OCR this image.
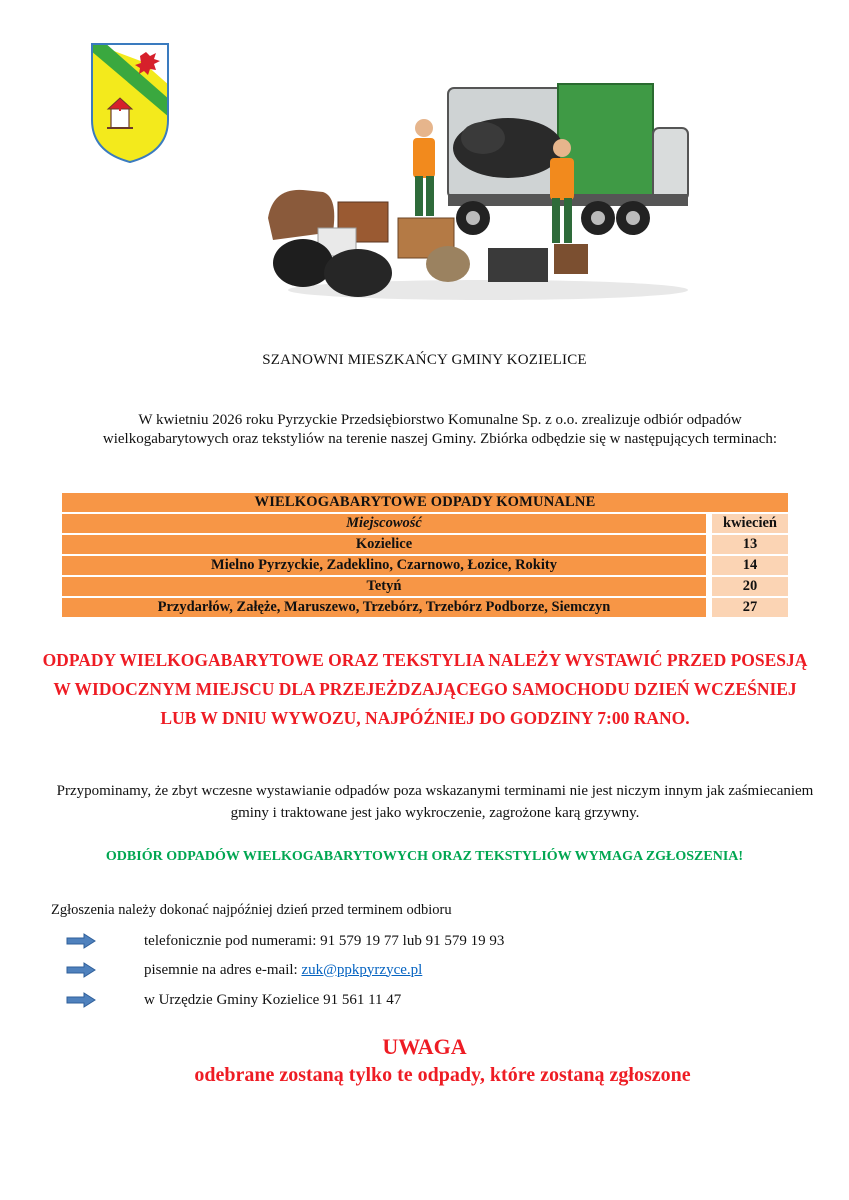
SZANOWNI MIESZKAŃCY GMINY KOZIELICE
W kwietniu 2026 roku Pyrzyckie Przedsiębiorstwo Komunalne Sp. z o.o. zrealizuje odbiór odpadów wielkogabarytowych oraz tekstyliów na terenie naszej Gminy. Zbiórka odbędzie się w następujących terminach:
WIELKOGABARYTOWE ODPADY KOMUNALNE		
Miejscowość		kwiecień
Kozielice		13
Mielno Pyrzyckie, Zadeklino, Czarnowo, Łozice, Rokity		14
Tetyń		20
Przydarłów, Załęże, Maruszewo, Trzebórz, Trzebórz Podborze, Siemczyn		27
ODPADY WIELKOGABARYTOWE ORAZ TEKSTYLIA NALEŻY WYSTAWIĆ PRZED POSESJĄ W WIDOCZNYM MIEJSCU DLA PRZEJEŻDZAJĄCEGO SAMOCHODU DZIEŃ WCZEŚNIEJ LUB W DNIU WYWOZU, NAJPÓŹNIEJ DO GODZINY 7:00 RANO.
Przypominamy, że zbyt wczesne wystawianie odpadów poza wskazanymi terminami nie jest niczym innym jak zaśmiecaniem gminy i traktowane jest jako wykroczenie, zagrożone karą grzywny.
ODBIÓR ODPADÓW WIELKOGABARYTOWYCH ORAZ TEKSTYLIÓW WYMAGA ZGŁOSZENIA!
Zgłoszenia należy dokonać najpóźniej dzień przed terminem odbioru
telefonicznie pod numerami: 91 579 19 77 lub 91 579 19 93
pisemnie na adres e-mail: zuk@ppkpyrzyce.pl
w Urzędzie Gminy Kozielice 91 561 11 47
UWAGA
odebrane zostaną tylko te odpady, które zostaną zgłoszone
